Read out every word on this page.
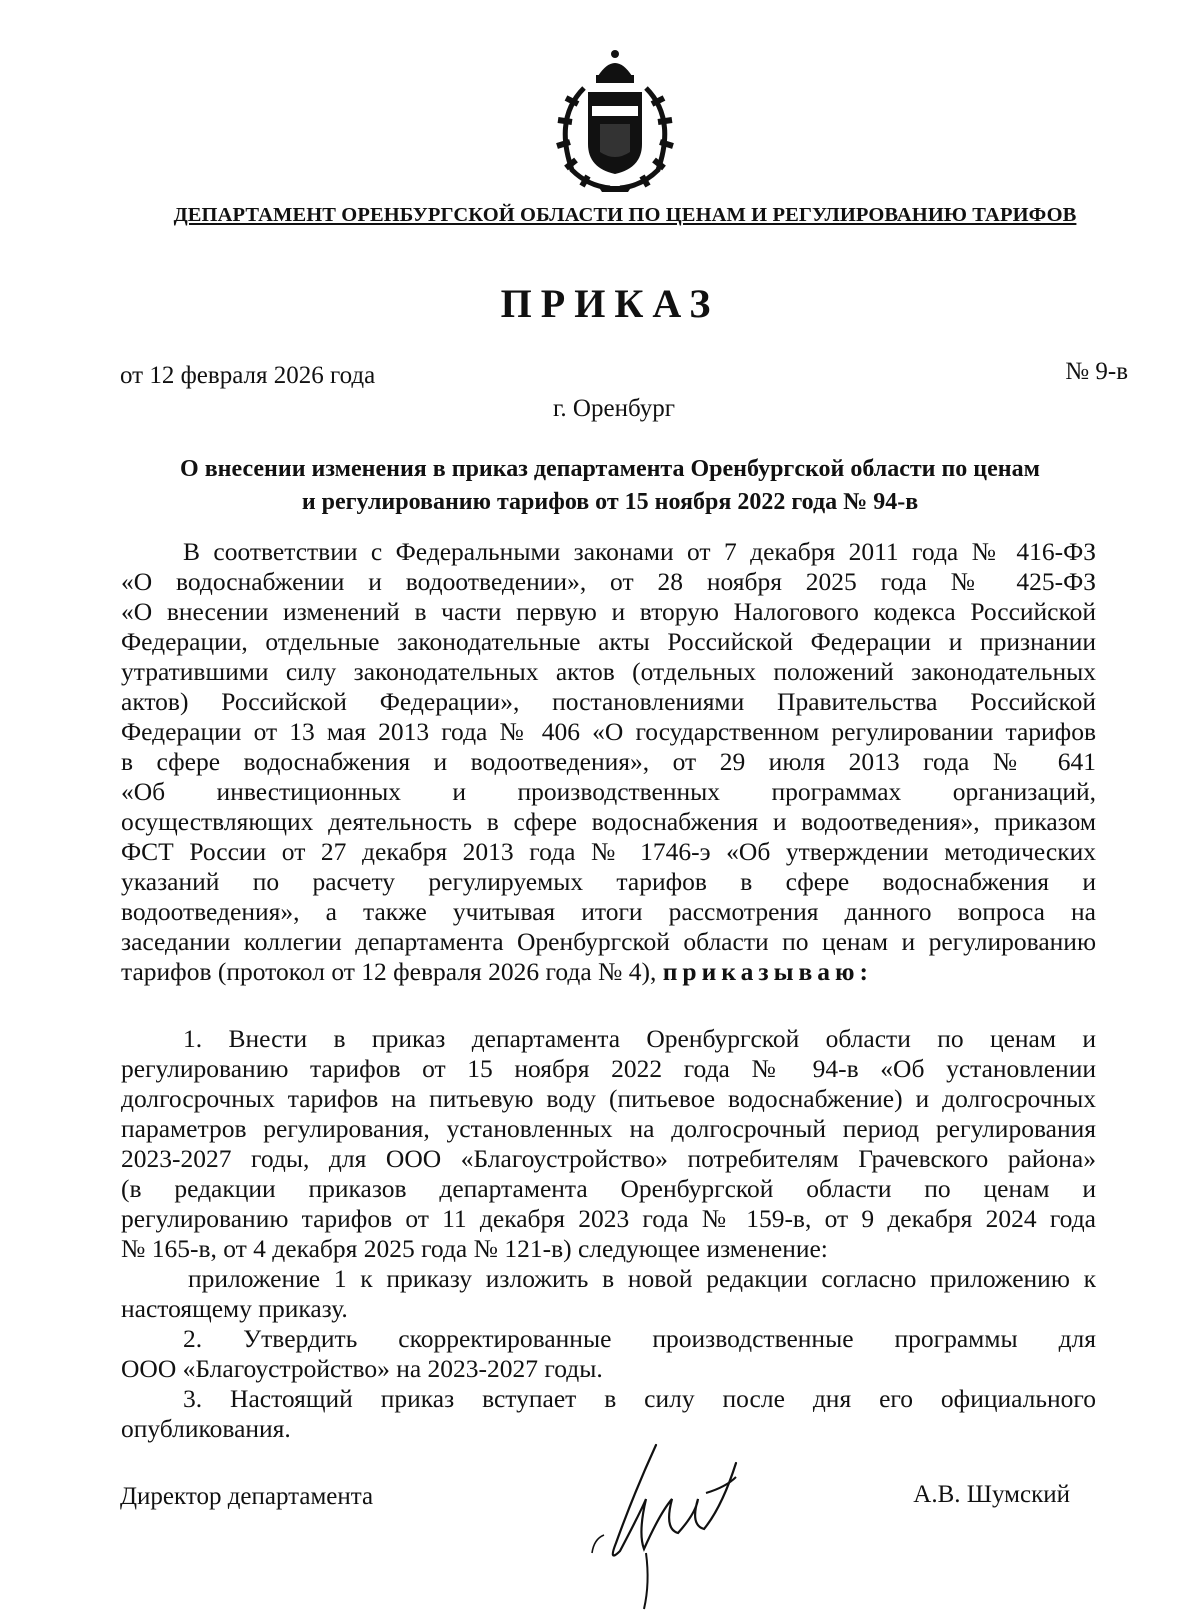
ДЕПАРТАМЕНТ ОРЕНБУРГСКОЙ ОБЛАСТИ ПО ЦЕНАМ И РЕГУЛИРОВАНИЮ ТАРИФОВ
ПРИКАЗ
от 12 февраля 2026 года	№ 9-в
г. Оренбург
О внесении изменения в приказ департамента Оренбургской области по ценам
и регулированию тарифов от 15 ноября 2022 года № 94-в
В соответствии с Федеральными законами от 7 декабря 2011 года № 416-ФЗ
«О водоснабжении и водоотведении», от 28 ноября 2025 года № 425-ФЗ
«О внесении изменений в части первую и вторую Налогового кодекса Российской
Федерации, отдельные законодательные акты Российской Федерации и признании
утратившими силу законодательных актов (отдельных положений законодательных
актов) Российской Федерации», постановлениями Правительства Российской
Федерации от 13 мая 2013 года № 406 «О государственном регулировании тарифов
в сфере водоснабжения и водоотведения», от 29 июля 2013 года № 641
«Об инвестиционных и производственных программах организаций,
осуществляющих деятельность в сфере водоснабжения и водоотведения», приказом
ФСТ России от 27 декабря 2013 года № 1746-э «Об утверждении методических
указаний по расчету регулируемых тарифов в сфере водоснабжения и
водоотведения», а также учитывая итоги рассмотрения данного вопроса на
заседании коллегии департамента Оренбургской области по ценам и регулированию
тарифов (протокол от 12 февраля 2026 года № 4), приказываю:
1. Внести в приказ департамента Оренбургской области по ценам и
регулированию тарифов от 15 ноября 2022 года № 94-в «Об установлении
долгосрочных тарифов на питьевую воду (питьевое водоснабжение) и долгосрочных
параметров регулирования, установленных на долгосрочный период регулирования
2023-2027 годы, для ООО «Благоустройство» потребителям Грачевского района»
(в редакции приказов департамента Оренбургской области по ценам и
регулированию тарифов от 11 декабря 2023 года № 159-в, от 9 декабря 2024 года
№ 165-в, от 4 декабря 2025 года № 121-в) следующее изменение:
приложение 1 к приказу изложить в новой редакции согласно приложению к
настоящему приказу.
2. Утвердить скорректированные производственные программы для
ООО «Благоустройство» на 2023-2027 годы.
3. Настоящий приказ вступает в силу после дня его официального
опубликования.
Директор департамента	А.В. Шумский
